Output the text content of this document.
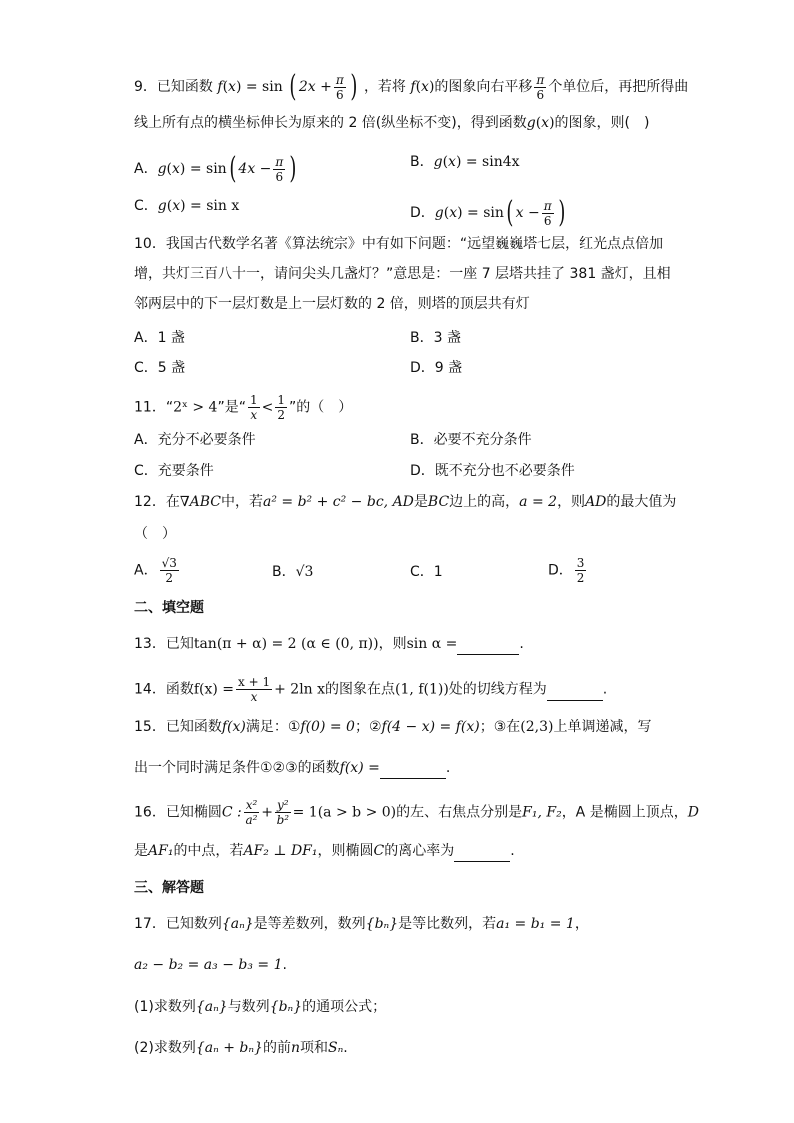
9．已知函数 f(x) = sin ( $2x + \frac{\pi}{6}$ ) ，若将 f(x)的图象向右平移 $\frac{\pi}{6}$ 个单位后，再把所得曲
线上所有点的横坐标伸长为原来的 2 倍(纵坐标不变)，得到函数g(x)的图象，则(　)
A．g(x) = sin( $4x - \frac{\pi}{6}$ )	B．g(x) = sin4x
C．g(x) = sin x	D．g(x) = sin( $x - \frac{\pi}{6}$ )
10．我国古代数学名著《算法统宗》中有如下问题：“远望巍巍塔七层，红光点点倍加
增，共灯三百八十一，请问尖头几盏灯？”意思是：一座 7 层塔共挂了 381 盏灯，且相
邻两层中的下一层灯数是上一层灯数的 2 倍，则塔的顶层共有灯
A．1 盏	B．3 盏
C．5 盏	D．9 盏
11．“2ˣ > 4”是“ $\frac{1}{x} < \frac{1}{2}$ ”的（　）
A．充分不必要条件	B．必要不充分条件
C．充要条件	D．既不充分也不必要条件
12．在∇ABC中，若a² = b² + c² − bc, AD是BC边上的高，a = 2，则AD的最大值为
（　）
A． $\frac{√3}{2}$	B．√3	C．1	D． $\frac{3}{2}$
二、填空题
13．已知tan(π + α) = 2 (α ∈ (0, π))，则sin α =	.
14．函数$f(x) = \frac{x + 1}{x} + 2\ln$ x的图象在点(1, f(1))处的切线方程为	.
15．已知函数f(x)满足：①f(0) = 0；②f(4 − x) = f(x)；③在(2,3)上单调递减，写
出一个同时满足条件①②③的函数f(x) =	.
16．已知椭圆C : $\frac{\text{x²}}{\text{a²}} + \frac{\text{y²}}{\text{b²}} = 1(a > b > 0)$的左、右焦点分别是F₁, F₂，A 是椭圆上顶点，D
是AF₁的中点，若AF₂ ⊥ DF₁，则椭圆C的离心率为	.
三、解答题
17．已知数列{aₙ}是等差数列，数列{bₙ}是等比数列，若a₁ = b₁ = 1，
a₂ − b₂ = a₃ − b₃ = 1.
(1)求数列{aₙ}与数列{bₙ}的通项公式；
(2)求数列{aₙ + bₙ}的前n项和Sₙ.
